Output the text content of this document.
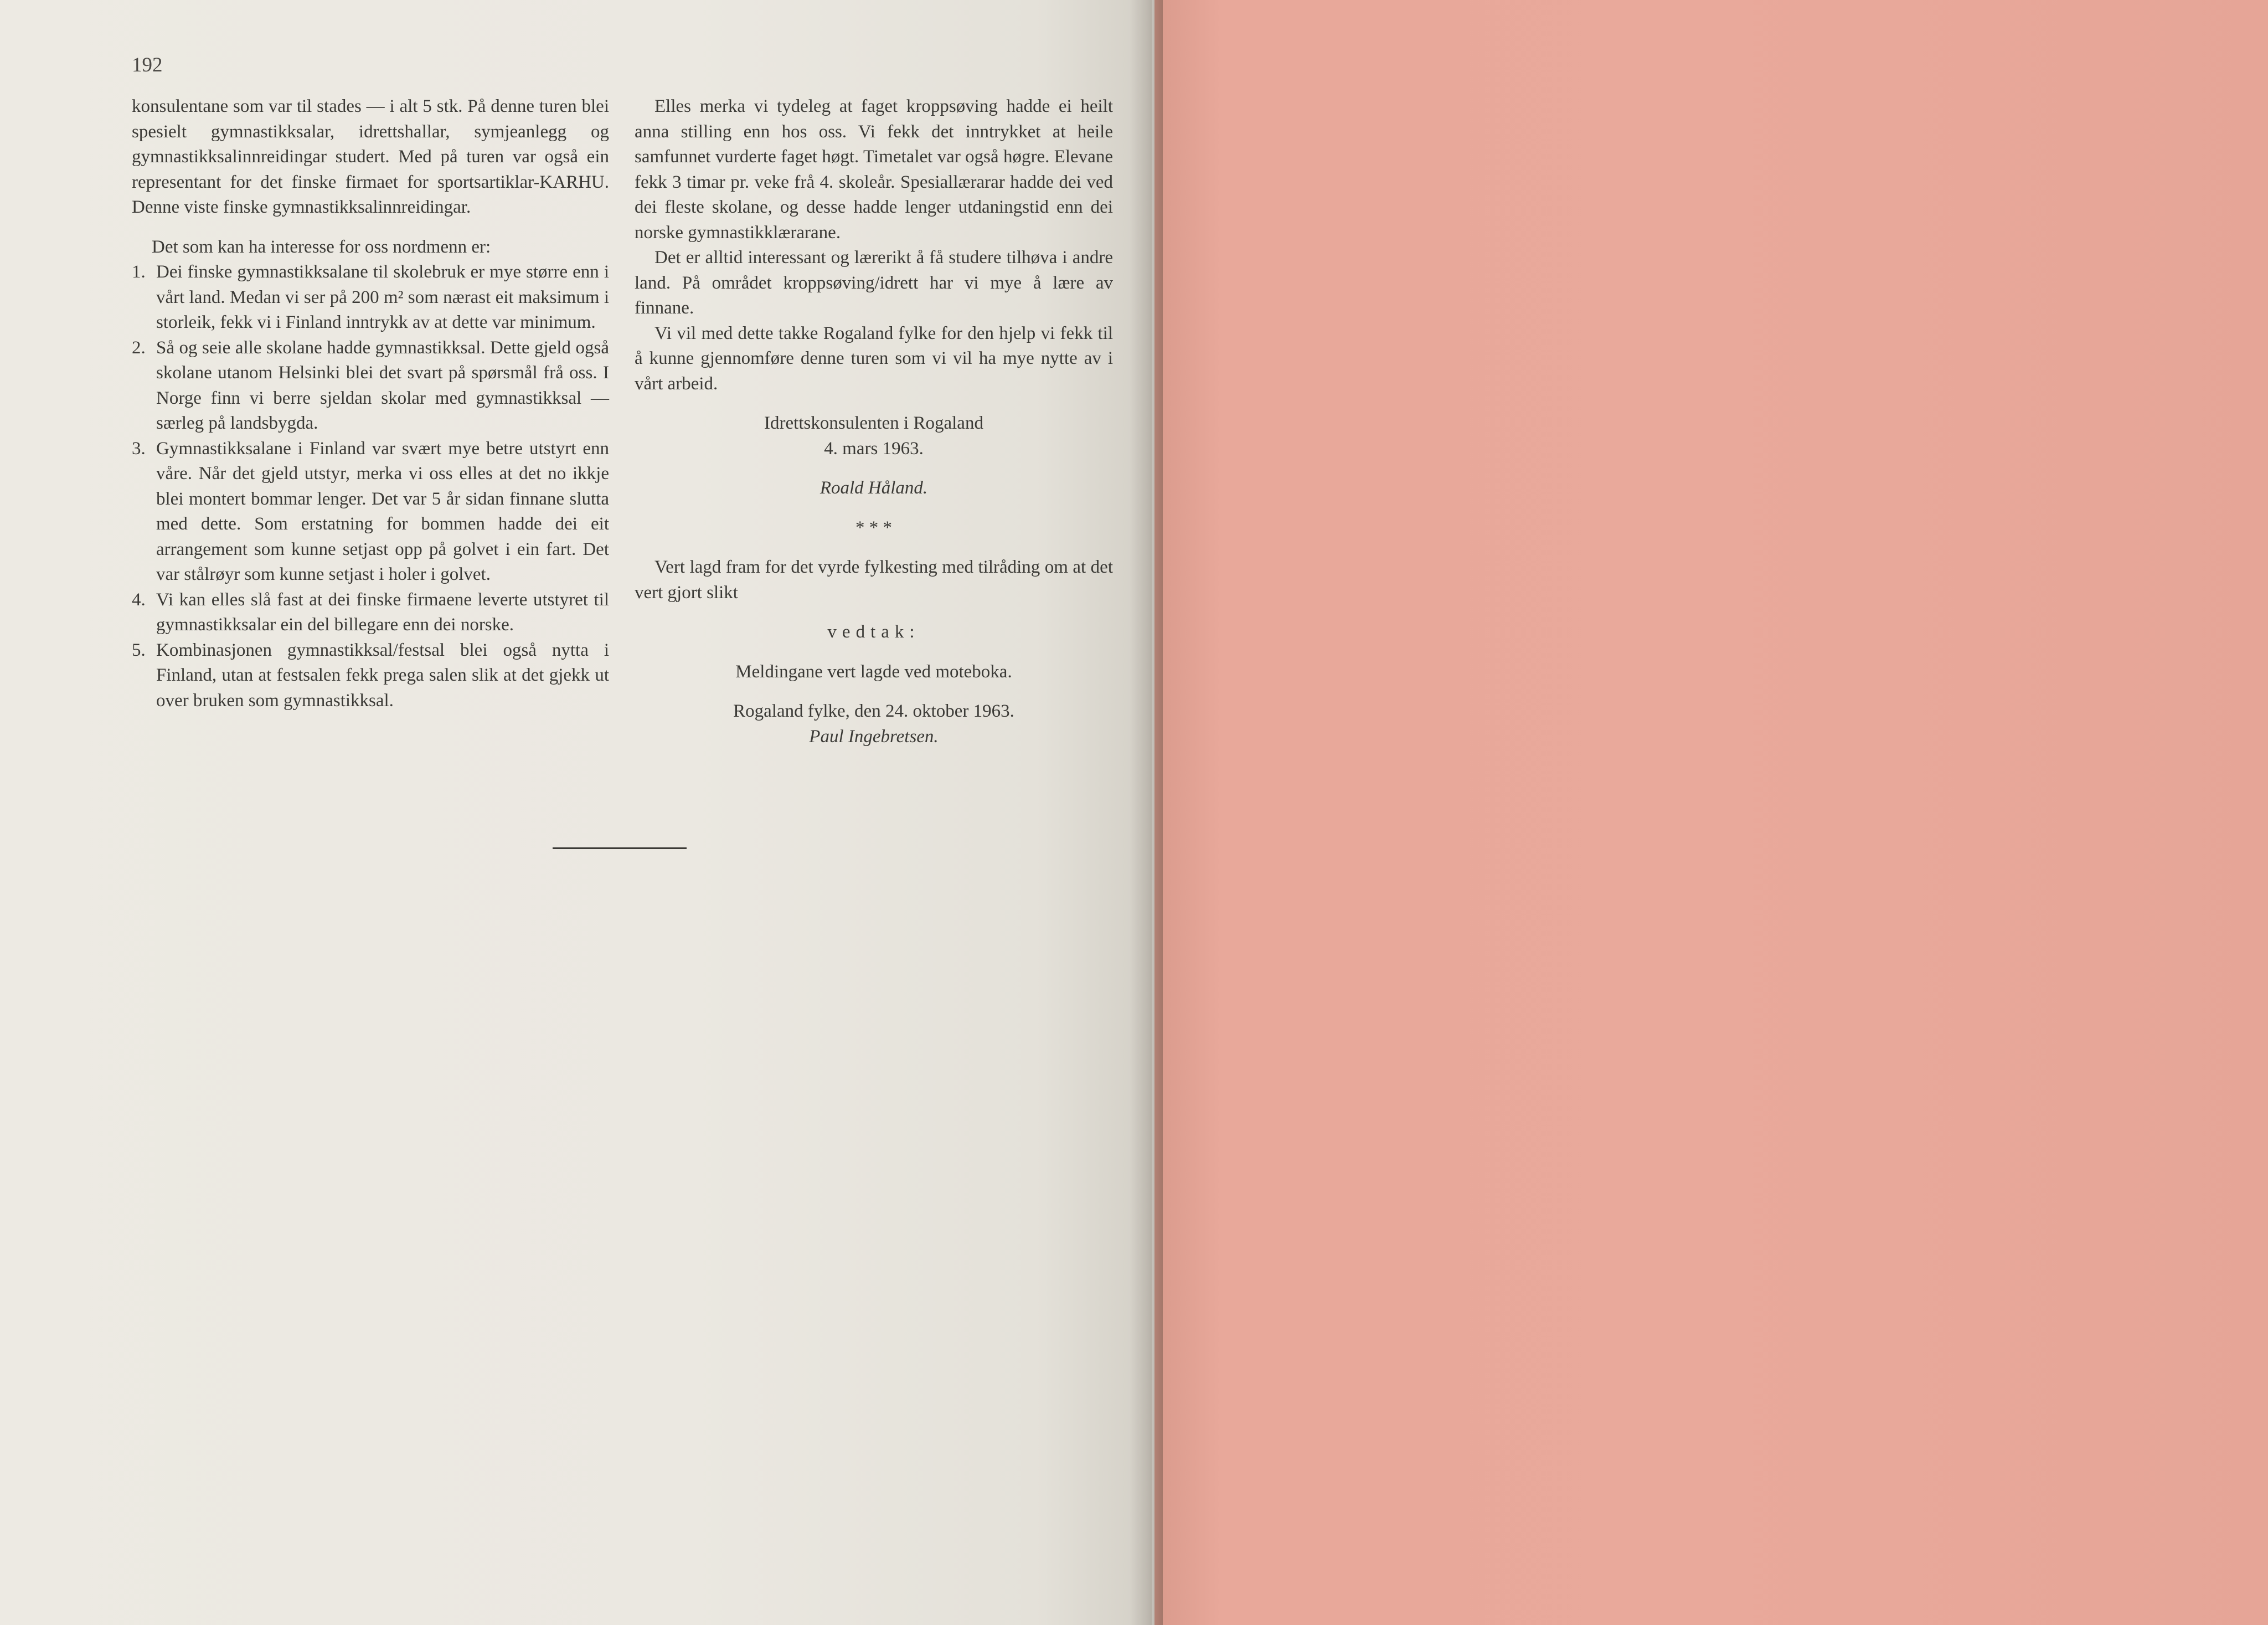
192

konsulentane som var til stades — i alt 5 stk. På denne turen blei spesielt gymnastikksalar, idrettshallar, symjeanlegg og gymnastikksalinnreidingar studert. Med på turen var også ein representant for det finske firmaet for sportsartiklar-KARHU. Denne viste finske gymnastikksalinnreidingar.

Det som kan ha interesse for oss nordmenn er:

1. Dei finske gymnastikksalane til skolebruk er mye større enn i vårt land. Medan vi ser på 200 m² som nærast eit maksimum i storleik, fekk vi i Finland inntrykk av at dette var minimum.
2. Så og seie alle skolane hadde gymnastikksal. Dette gjeld også skolane utanom Helsinki blei det svart på spørsmål frå oss. I Norge finn vi berre sjeldan skolar med gymnastikksal — særleg på landsbygda.
3. Gymnastikksalane i Finland var svært mye betre utstyrt enn våre. Når det gjeld utstyr, merka vi oss elles at det no ikkje blei montert bommar lenger. Det var 5 år sidan finnane slutta med dette. Som erstatning for bommen hadde dei eit arrangement som kunne setjast opp på golvet i ein fart. Det var stålrøyr som kunne setjast i holer i golvet.
4. Vi kan elles slå fast at dei finske firmaene leverte utstyret til gymnastikksalar ein del billegare enn dei norske.
5. Kombinasjonen gymnastikksal/festsal blei også nytta i Finland, utan at festsalen fekk prega salen slik at det gjekk ut over bruken som gymnastikksal.

Elles merka vi tydeleg at faget kroppsøving hadde ei heilt anna stilling enn hos oss. Vi fekk det inntrykket at heile samfunnet vurderte faget høgt. Timetalet var også høgre. Elevane fekk 3 timar pr. veke frå 4. skoleår. Spesiallærarar hadde dei ved dei fleste skolane, og desse hadde lenger utdaningstid enn dei norske gymnastikklærarane.

Det er alltid interessant og lærerikt å få studere tilhøva i andre land. På området kroppsøving/idrett har vi mye å lære av finnane.

Vi vil med dette takke Rogaland fylke for den hjelp vi fekk til å kunne gjennomføre denne turen som vi vil ha mye nytte av i vårt arbeid.

Idrettskonsulenten i Rogaland

4. mars 1963.

Roald Håland.

* * *

Vert lagd fram for det vyrde fylkesting med tilråding om at det vert gjort slikt

vedtak:

Meldingane vert lagde ved moteboka.

Rogaland fylke, den 24. oktober 1963.

Paul Ingebretsen.
